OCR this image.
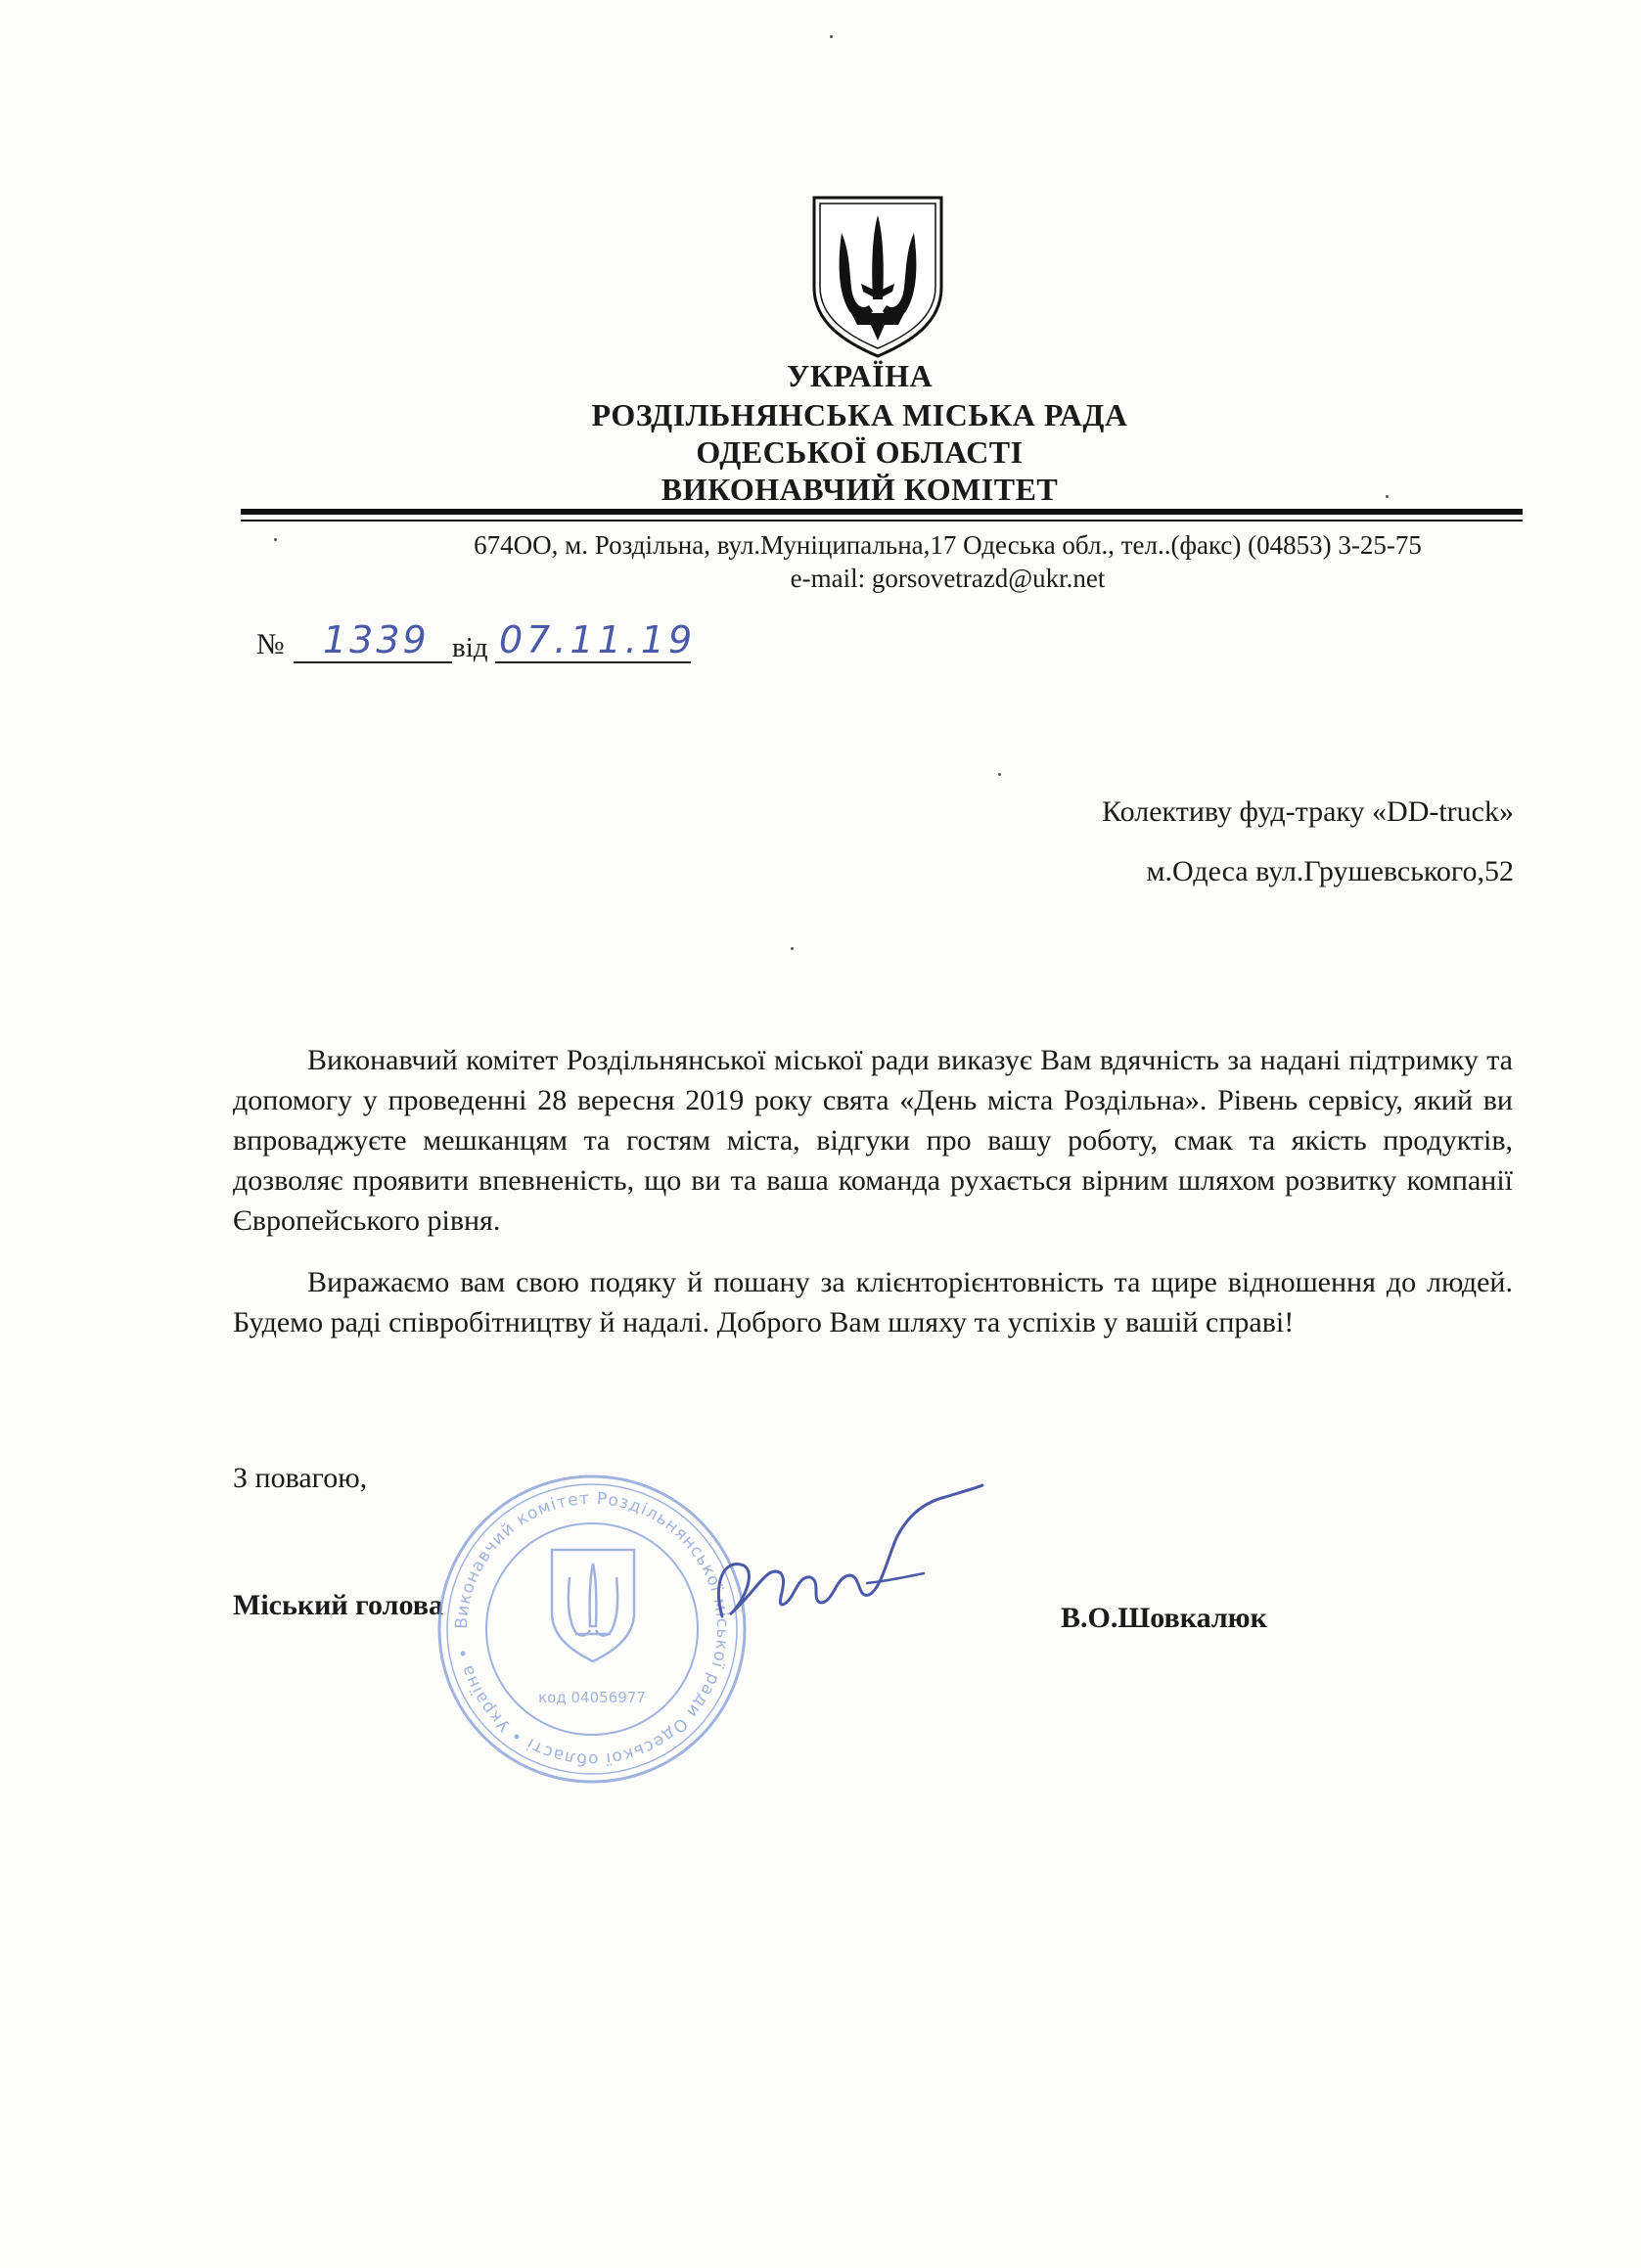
УКРАЇНА
РОЗДІЛЬНЯНСЬКА МІСЬКА РАДА
ОДЕСЬКОЇ ОБЛАСТІ
ВИКОНАВЧИЙ КОМІТЕТ
674ОО, м. Роздільна, вул.Муніципальна,17 Одеська обл., тел..(факс) (04853) 3-25-75
e-mail: gorsovetrazd@ukr.net
№ 1339 від 07.11.19
Колективу фуд-траку «DD-truck»
м.Одеса вул.Грушевського,52
Виконавчий комітет Роздільнянської міської ради виказує Вам вдячність за надані підтримку та допомогу у проведенні 28 вересня 2019 року свята «День міста Роздільна». Рівень сервісу, який ви впроваджуєте мешканцям та гостям міста, відгуки про вашу роботу, смак та якість продуктів, дозволяє проявити впевненість, що ви та ваша команда рухається вірним шляхом розвитку компанії Європейського рівня.
Виражаємо вам свою подяку й пошану за клієнторієнтовність та щире відношення до людей. Будемо раді співробітництву й надалі. Доброго Вам шляху та успіхів у вашій справі!
З повагою,
Міський голова	В.О.Шовкалюк
Виконавчий комітет Роздільнянської міської ради Одеської області • Україна •
код 04056977
